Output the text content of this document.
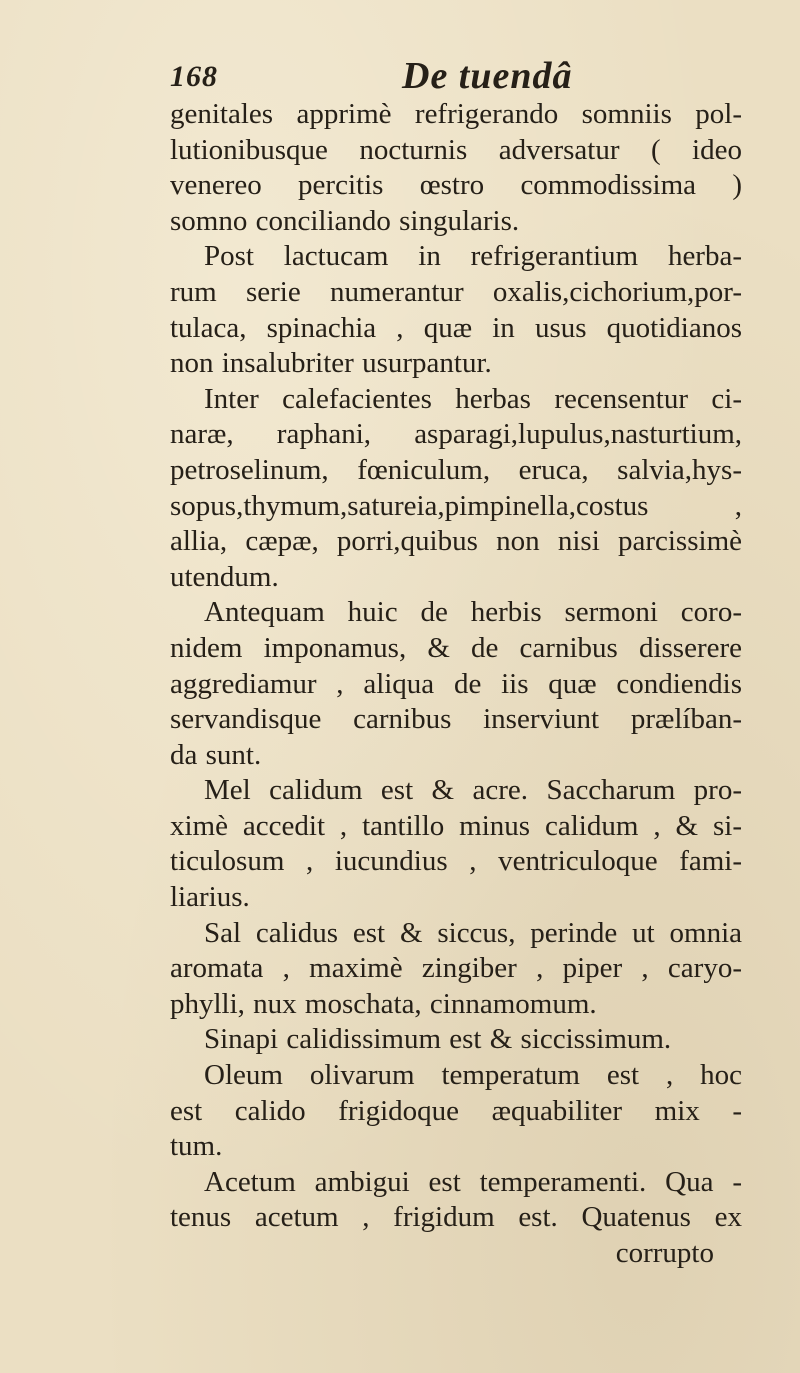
168	De tuendâ
genitales apprimè refrigerando somniis pol-
lutionibusque nocturnis adversatur ( ideo
venereo percitis œstro commodissima )
somno conciliando singularis.
Post lactucam in refrigerantium herba-
rum serie numerantur oxalis,cichorium,por-
tulaca, spinachia , quæ in usus quotidianos
non insalubriter usurpantur.
Inter calefacientes herbas recensentur ci-
naræ, raphani, asparagi,lupulus,nasturtium,
petroselinum, fœniculum, eruca, salvia,hys-
sopus,thymum,satureia,pimpinella,costus ,
allia, cæpæ, porri,quibus non nisi parcissimè
utendum.
Antequam huic de herbis sermoni coro-
nidem imponamus, & de carnibus disserere
aggrediamur , aliqua de iis quæ condiendis
servandisque carnibus inserviunt prælíban-
da sunt.
Mel calidum est & acre. Saccharum pro-
ximè accedit , tantillo minus calidum , & si-
ticulosum , iucundius , ventriculoque fami-
liarius.
Sal calidus est & siccus, perinde ut omnia
aromata , maximè zingiber , piper , caryo-
phylli, nux moschata, cinnamomum.
Sinapi calidissimum est & siccissimum.
Oleum olivarum temperatum est , hoc
est calido frigidoque æquabiliter mix -
tum.
Acetum ambigui est temperamenti. Qua -
tenus acetum , frigidum est. Quatenus ex
corrupto
